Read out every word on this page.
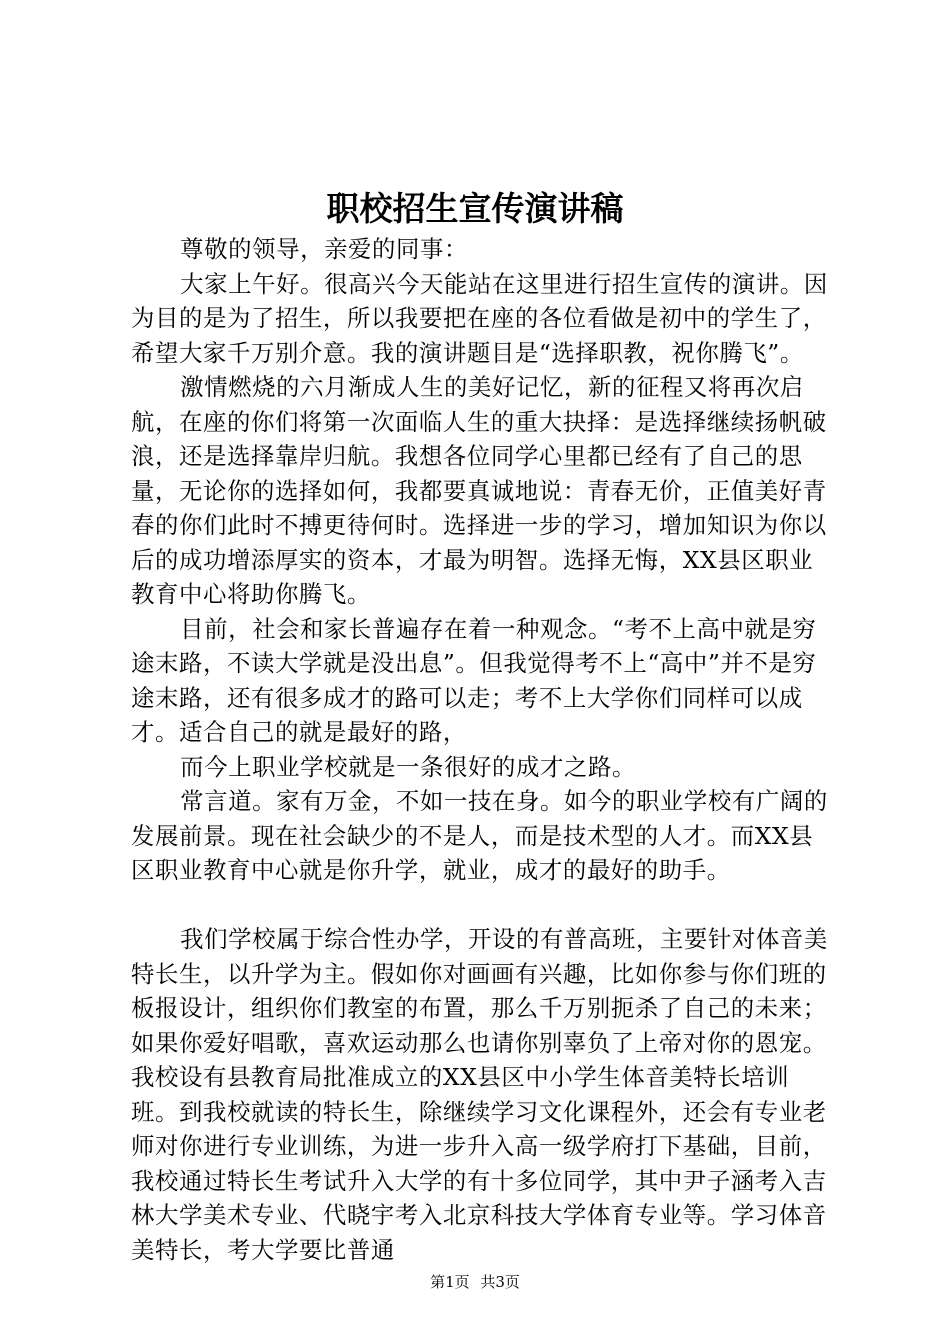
职校招生宣传演讲稿

尊敬的领导，亲爱的同事：

大家上午好。很高兴今天能站在这里进行招生宣传的演讲。因为目的是为了招生，所以我要把在座的各位看做是初中的学生了，希望大家千万别介意。我的演讲题目是“选择职教，祝你腾飞”。

激情燃烧的六月渐成人生的美好记忆，新的征程又将再次启航，在座的你们将第一次面临人生的重大抉择：是选择继续扬帆破浪，还是选择靠岸归航。我想各位同学心里都已经有了自己的思量，无论你的选择如何，我都要真诚地说：青春无价，正值美好青春的你们此时不搏更待何时。选择进一步的学习，增加知识为你以后的成功增添厚实的资本，才最为明智。选择无悔，XX县区职业教育中心将助你腾飞。

目前，社会和家长普遍存在着一种观念。“考不上高中就是穷途末路，不读大学就是没出息”。但我觉得考不上“高中”并不是穷途末路，还有很多成才的路可以走；考不上大学你们同样可以成才。适合自己的就是最好的路，

而今上职业学校就是一条很好的成才之路。

常言道。家有万金，不如一技在身。如今的职业学校有广阔的发展前景。现在社会缺少的不是人，而是技术型的人才。而XX县区职业教育中心就是你升学，就业，成才的最好的助手。

我们学校属于综合性办学，开设的有普高班，主要针对体音美特长生，以升学为主。假如你对画画有兴趣，比如你参与你们班的板报设计，组织你们教室的布置，那么千万别扼杀了自己的未来；如果你爱好唱歌，喜欢运动那么也请你别辜负了上帝对你的恩宠。我校设有县教育局批准成立的XX县区中小学生体音美特长培训班。到我校就读的特长生，除继续学习文化课程外，还会有专业老师对你进行专业训练，为进一步升入高一级学府打下基础，目前，我校通过特长生考试升入大学的有十多位同学，其中尹子涵考入吉林大学美术专业、代晓宇考入北京科技大学体育专业等。学习体音美特长，考大学要比普通

第1页 共3页
